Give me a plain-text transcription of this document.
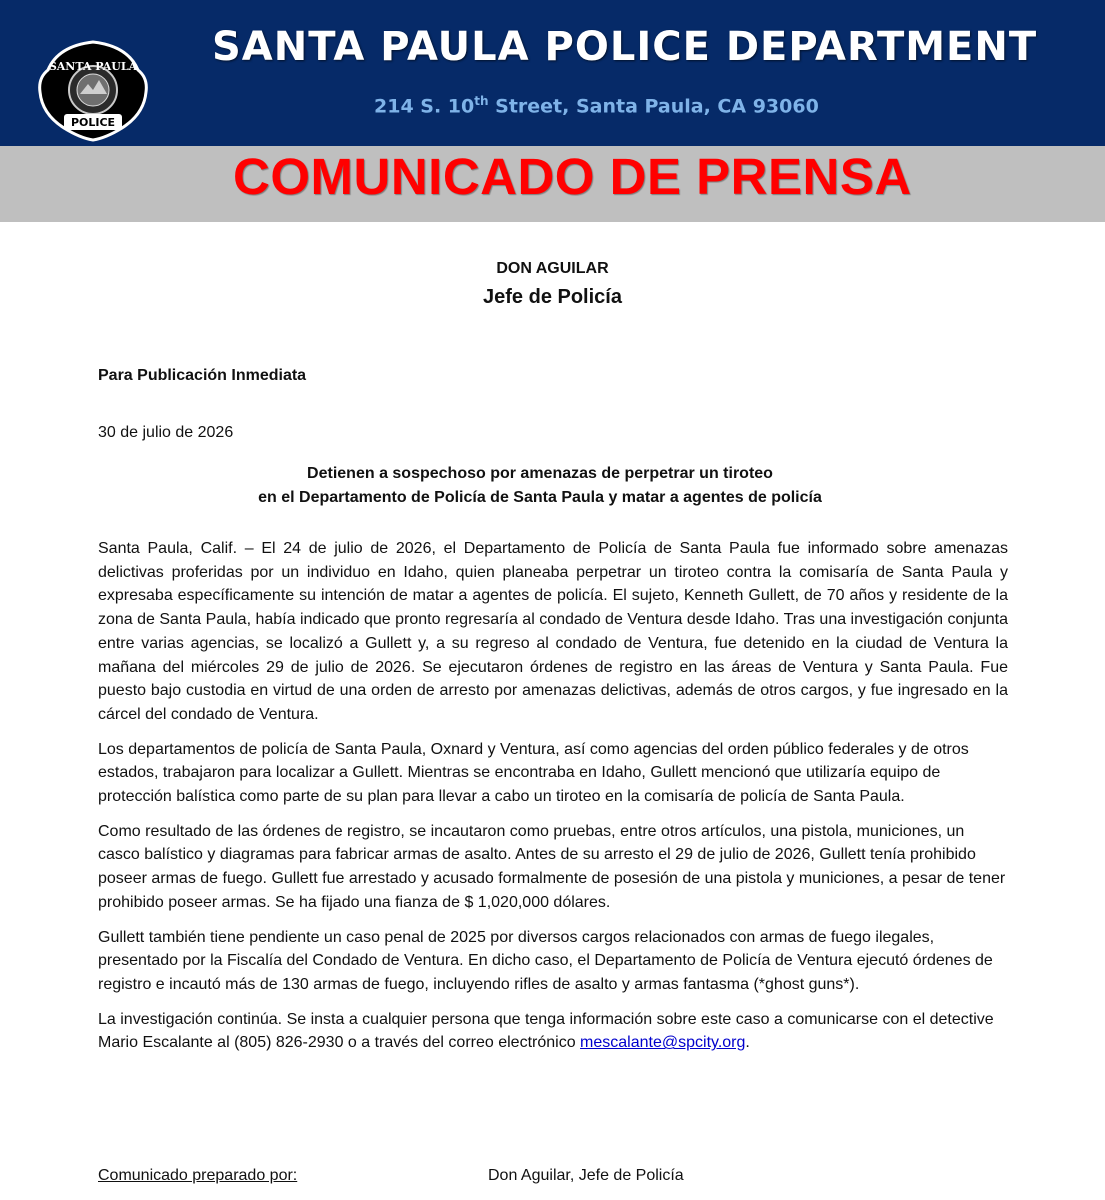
SANTA PAULA
POLICE
SANTA PAULA POLICE DEPARTMENT
214 S. 10th Street, Santa Paula, CA 93060
COMUNICADO DE PRENSA
DON AGUILAR
Jefe de Policía
Para Publicación Inmediata
30 de julio de 2026
Detienen a sospechoso por amenazas de perpetrar un tiroteo
en el Departamento de Policía de Santa Paula y matar a agentes de policía

Santa Paula, Calif. – El 24 de julio de 2026, el Departamento de Policía de Santa Paula fue informado sobre amenazas delictivas proferidas por un individuo en Idaho, quien planeaba perpetrar un tiroteo contra la comisaría de Santa Paula y expresaba específicamente su intención de matar a agentes de policía. El sujeto, Kenneth Gullett, de 70 años y residente de la zona de Santa Paula, había indicado que pronto regresaría al condado de Ventura desde Idaho. Tras una investigación conjunta entre varias agencias, se localizó a Gullett y, a su regreso al condado de Ventura, fue detenido en la ciudad de Ventura la mañana del miércoles 29 de julio de 2026. Se ejecutaron órdenes de registro en las áreas de Ventura y Santa Paula. Fue puesto bajo custodia en virtud de una orden de arresto por amenazas delictivas, además de otros cargos, y fue ingresado en la cárcel del condado de Ventura.

Los departamentos de policía de Santa Paula, Oxnard y Ventura, así como agencias del orden público federales y de otros estados, trabajaron para localizar a Gullett. Mientras se encontraba en Idaho, Gullett mencionó que utilizaría equipo de protección balística como parte de su plan para llevar a cabo un tiroteo en la comisaría de policía de Santa Paula.

Como resultado de las órdenes de registro, se incautaron como pruebas, entre otros artículos, una pistola, municiones, un casco balístico y diagramas para fabricar armas de asalto. Antes de su arresto el 29 de julio de 2026, Gullett tenía prohibido poseer armas de fuego. Gullett fue arrestado y acusado formalmente de posesión de una pistola y municiones, a pesar de tener prohibido poseer armas. Se ha fijado una fianza de $ 1,020,000 dólares.

Gullett también tiene pendiente un caso penal de 2025 por diversos cargos relacionados con armas de fuego ilegales, presentado por la Fiscalía del Condado de Ventura. En dicho caso, el Departamento de Policía de Ventura ejecutó órdenes de registro e incautó más de 130 armas de fuego, incluyendo rifles de asalto y armas fantasma (*ghost guns*).

La investigación continúa. Se insta a cualquier persona que tenga información sobre este caso a comunicarse con el detective Mario Escalante al (805) 826-2930 o a través del correo electrónico mescalante@spcity.org.

Comunicado preparado por:	Don Aguilar, Jefe de Policía
